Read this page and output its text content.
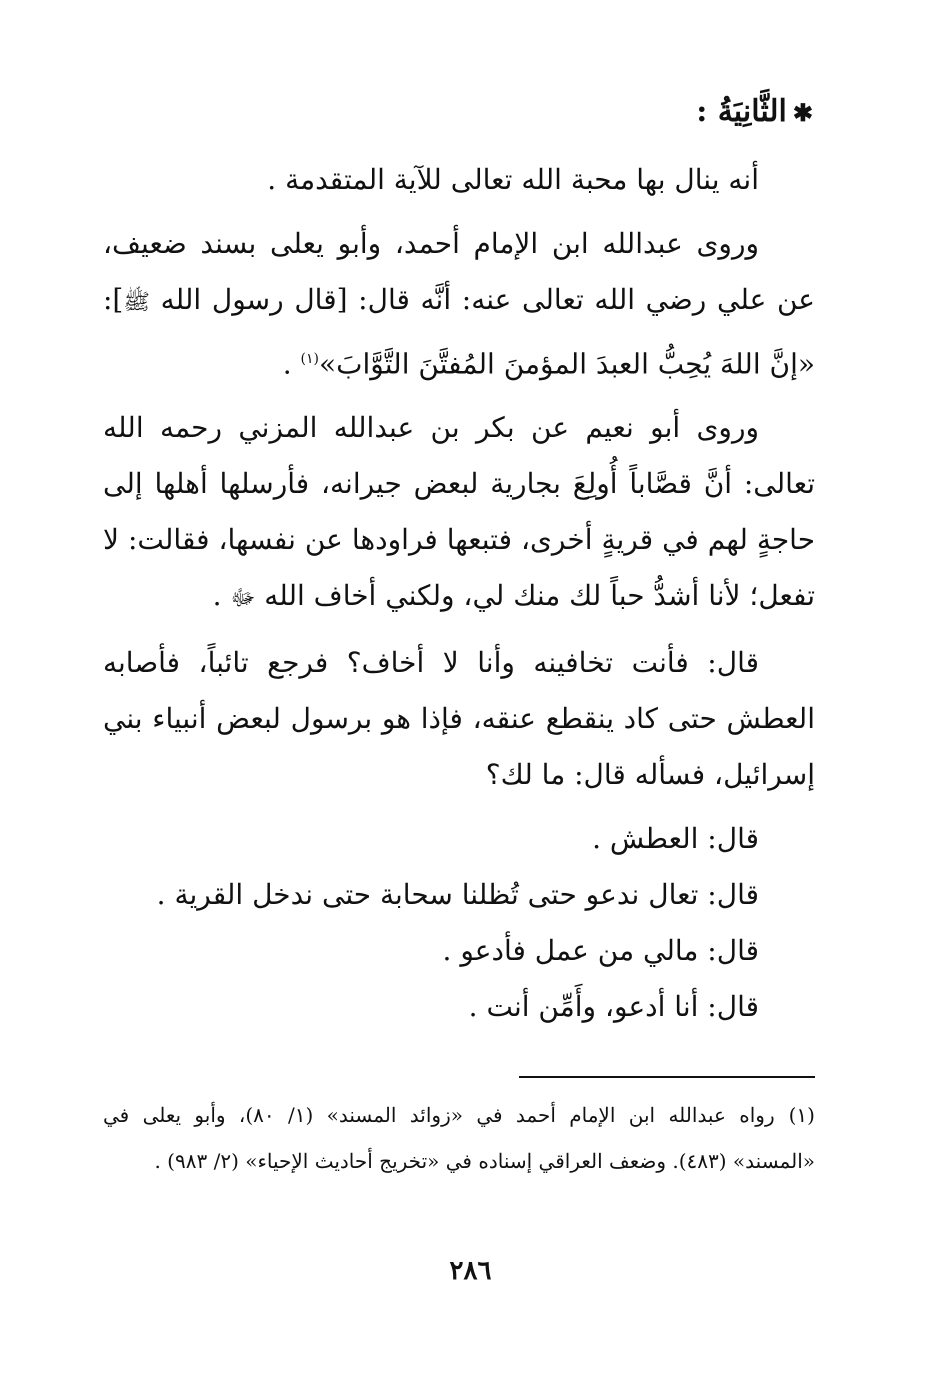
✱الثَّانِيَةُ :

أنه ينال بها محبة الله تعالى للآية المتقدمة .

وروى عبدالله ابن الإمام أحمد، وأبو يعلى بسند ضعيف، عن علي رضي الله تعالى عنه: أنَّه قال: [قال رسول الله ﷺ]: «إنَّ اللهَ يُحِبُّ العبدَ المؤمنَ المُفتَّنَ التَّوَّابَ»$^{(١)}$ .

وروى أبو نعيم عن بكر بن عبدالله المزني رحمه الله تعالى: أنَّ قصَّاباً أُولِعَ بجارية لبعض جيرانه، فأرسلها أهلها إلى حاجةٍ لهم في قريةٍ أخرى، فتبعها فراودها عن نفسها، فقالت: لا تفعل؛ لأنا أشدُّ حباً لك منك لي، ولكني أخاف الله ﷻ .

قال: فأنت تخافينه وأنا لا أخاف؟ فرجع تائباً، فأصابه العطش حتى كاد ينقطع عنقه، فإذا هو برسول لبعض أنبياء بني إسرائيل، فسأله قال: ما لك؟

قال: العطش .

قال: تعال ندعو حتى تُظلنا سحابة حتى ندخل القرية .

قال: مالي من عمل فأدعو .

قال: أنا أدعو، وأَمِّن أنت .

(١)رواه عبدالله ابن الإمام أحمد في «زوائد المسند» (١/ ٨٠)، وأبو يعلى في «المسند» (٤٨٣). وضعف العراقي إسناده في «تخريج أحاديث الإحياء» (٢/ ٩٨٣) .
٢٨٦
